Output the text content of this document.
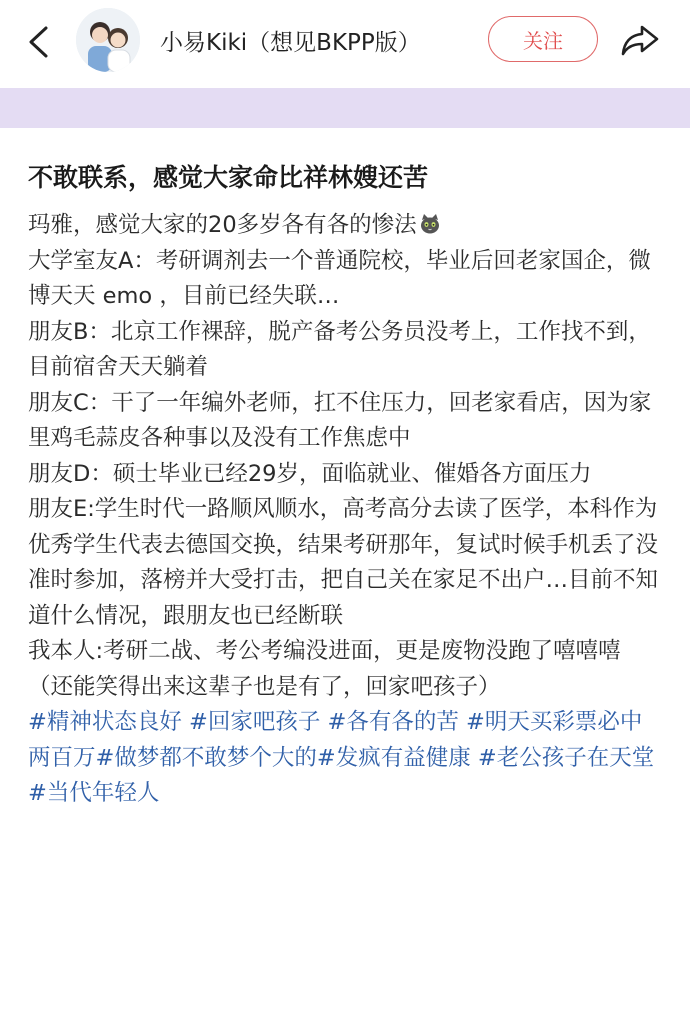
小易Kiki（想见BKPP版）	关注
不敢联系，感觉大家命比祥林嫂还苦

玛雅，感觉大家的20多岁各有各的惨法

大学室友A：考研调剂去一个普通院校，毕业后回老家国企，微博天天 emo ，目前已经失联…

朋友B：北京工作裸辞，脱产备考公务员没考上，工作找不到，目前宿舍天天躺着

朋友C：干了一年编外老师，扛不住压力，回老家看店，因为家里鸡毛蒜皮各种事以及没有工作焦虑中

朋友D：硕士毕业已经29岁，面临就业、催婚各方面压力

朋友E:学生时代一路顺风顺水，高考高分去读了医学，本科作为优秀学生代表去德国交换，结果考研那年，复试时候手机丢了没准时参加，落榜并大受打击，把自己关在家足不出户…目前不知道什么情况，跟朋友也已经断联

我本人:考研二战、考公考编没进面，更是废物没跑了嘻嘻嘻（还能笑得出来这辈子也是有了，回家吧孩子）

#精神状态良好 #回家吧孩子 #各有各的苦 #明天买彩票必中两百万#做梦都不敢梦个大的#发疯有益健康 #老公孩子在天堂 #当代年轻人
